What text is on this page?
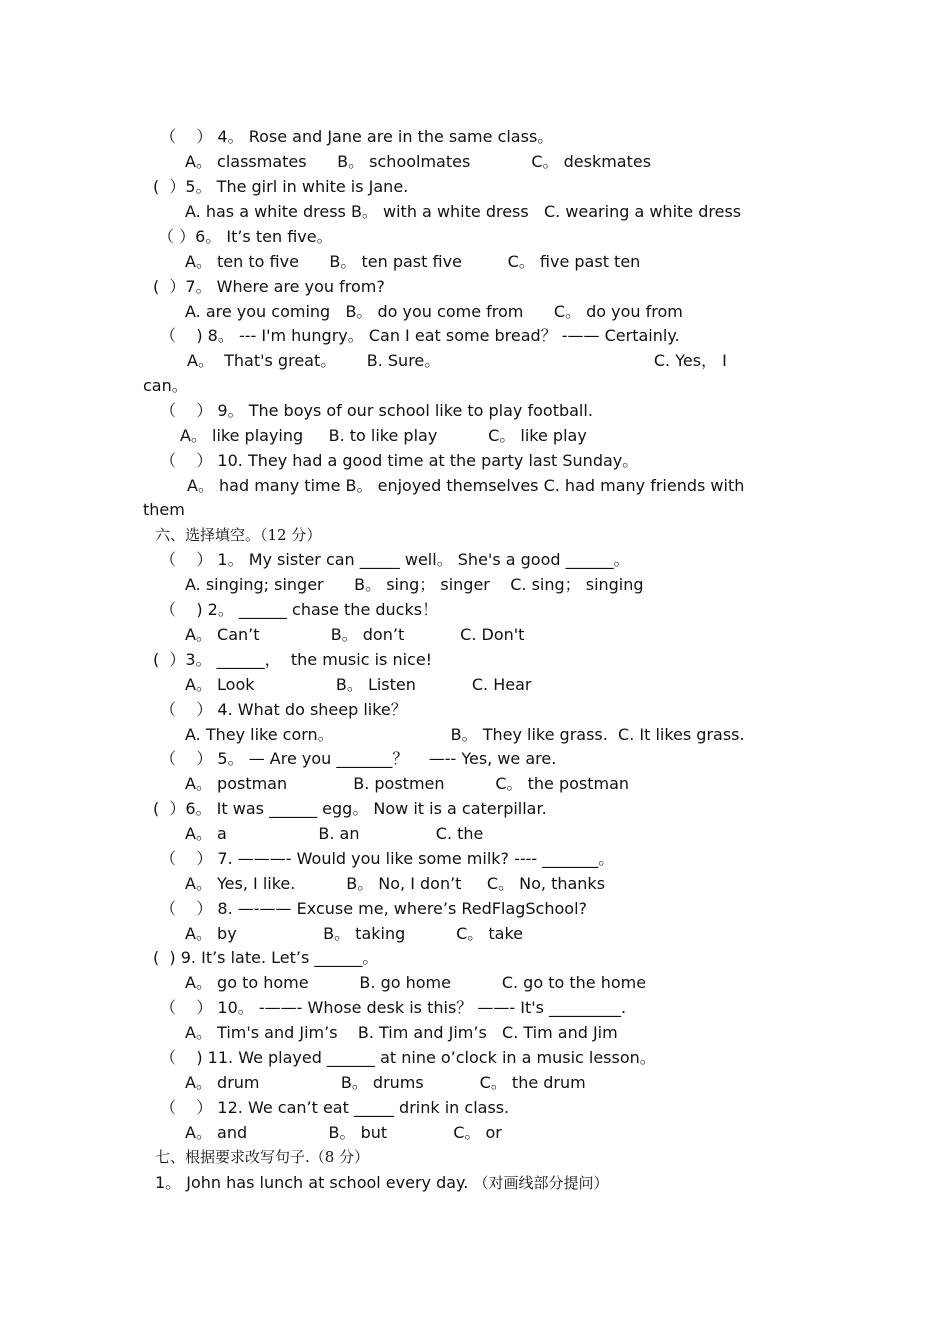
（    ） 4。 Rose and Jane are in the same class。
A。 classmates      B。 schoolmates            C。 deskmates
(  ）5。 The girl in white is Jane.
A. has a white dress B。 with a white dress   C. wearing a white dress
（ ）6。 It’s ten five。
A。 ten to five      B。 ten past five         C。 five past ten
(  ）7。 Where are you from?
A. are you coming   B。 do you come from      C。 do you from
（    ) 8。 --- I'm hungry。 Can I eat some bread？ -—— Certainly.
A。  That's great。      B. Sure。                                          C. Yes， I
can。
（    ） 9。 The boys of our school like to play football.
A。 like playing     B. to like play          C。 like play
（    ） 10. They had a good time at the party last Sunday。
A。 had many time B。 enjoyed themselves C. had many friends with
them
六、选择填空。（12 分）
（    ） 1。 My sister can _____ well。 She's a good ______。
A. singing; singer      B。 sing； singer    C. sing； singing
（    ) 2。 ______ chase the ducks！
A。 Can’t              B。 don’t           C. Don't
(  ）3。 ______，  the music is nice!
A。 Look                B。 Listen           C. Hear
（    ） 4. What do sheep like？
A. They like corn。                       B。 They like grass.  C. It likes grass.
（    ） 5。 — Are you _______？    —-- Yes, we are.
A。 postman             B. postmen          C。 the postman
(  ）6。 It was ______ egg。 Now it is a caterpillar.
A。 a                  B. an               C. the
（    ） 7. ———- Would you like some milk? ---- _______。
A。 Yes, I like.          B。 No, I don’t     C。 No, thanks
（    ） 8. —-—— Excuse me, where’s RedFlagSchool?
A。 by                 B。 taking          C。 take
(  ) 9. It’s late. Let’s ______。
A。 go to home          B. go home          C. go to the home
（    ） 10。 -——- Whose desk is this？ ——- It's _________.
A。 Tim's and Jim’s    B. Tim and Jim’s   C. Tim and Jim
（    ) 11. We played ______ at nine o’clock in a music lesson。
A。 drum                B。 drums           C。 the drum
（    ） 12. We can’t eat _____ drink in class.
A。 and                B。 but             C。 or
七、根据要求改写句子.（8 分）
1。 John has lunch at school every day. （对画线部分提问）
